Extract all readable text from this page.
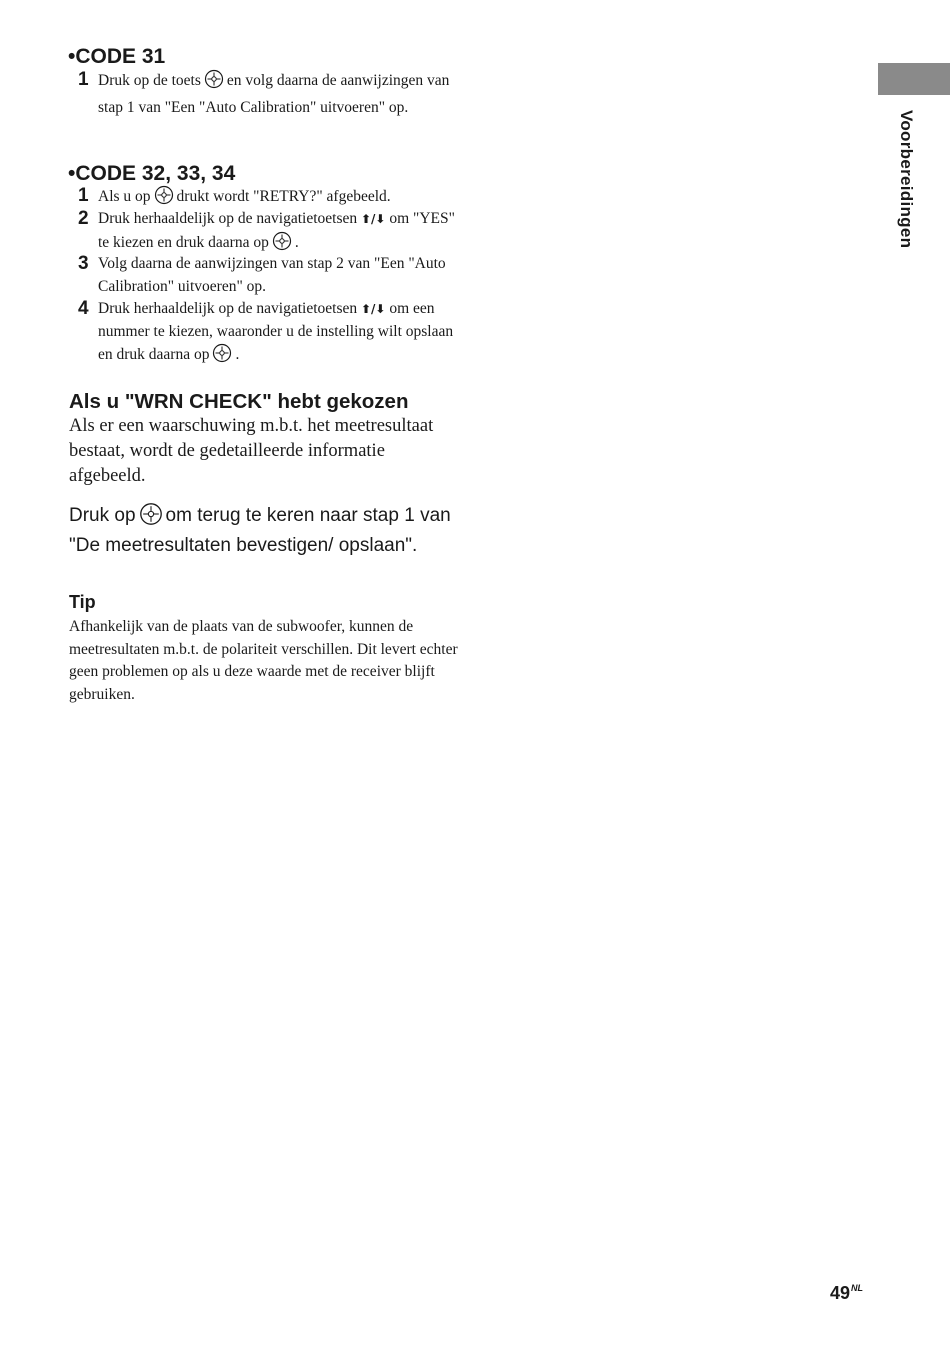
Voorbereidingen
•CODE 31
1 Druk op de toets en volg daarna de aanwijzingen van stap 1 van "Een "Auto Calibration" uitvoeren" op.
•CODE 32, 33, 34
1 Als u op drukt wordt "RETRY?" afgebeeld.
2 Druk herhaaldelijk op de navigatietoetsen ⬆/⬇ om "YES" te kiezen en druk daarna op .
3 Volg daarna de aanwijzingen van stap 2 van "Een "Auto Calibration" uitvoeren" op.
4 Druk herhaaldelijk op de navigatietoetsen ⬆/⬇ om een nummer te kiezen, waaronder u de instelling wilt opslaan en druk daarna op .
Als u "WRN CHECK" hebt gekozen

Als er een waarschuwing m.b.t. het meetresultaat bestaat, wordt de gedetailleerde informatie afgebeeld.

Druk op om terug te keren naar stap 1 van "De meetresultaten bevestigen/ opslaan".

Tip

Afhankelijk van de plaats van de subwoofer, kunnen de meetresultaten m.b.t. de polariteit verschillen. Dit levert echter geen problemen op als u deze waarde met de receiver blijft gebruiken.

$49^{NL}$
